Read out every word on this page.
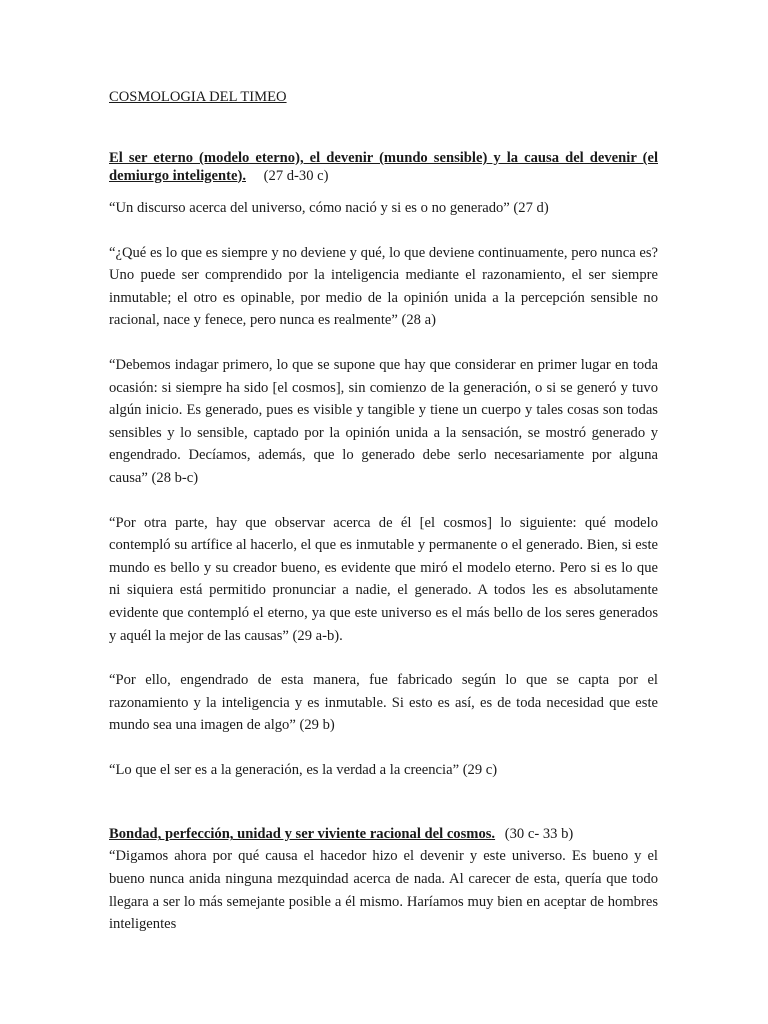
COSMOLOGIA DEL TIMEO
El ser eterno (modelo eterno), el devenir (mundo sensible) y la causa del devenir (el demiurgo inteligente). (27 d-30 c)

“Un discurso acerca del universo, cómo nació y si es o no generado” (27 d)

“¿Qué es lo que es siempre y no deviene y qué, lo que deviene continuamente, pero nunca es? Uno puede ser comprendido por la inteligencia mediante el razonamiento, el ser siempre inmutable; el otro es opinable, por medio de la opinión unida a la percepción sensible no racional, nace y fenece, pero nunca es realmente” (28 a)

“Debemos indagar primero, lo que se supone que hay que considerar en primer lugar en toda ocasión: si siempre ha sido [el cosmos], sin comienzo de la generación, o si se generó y tuvo algún inicio. Es generado, pues es visible y tangible y tiene un cuerpo y tales cosas son todas sensibles y lo sensible, captado por la opinión unida a la sensación, se mostró generado y engendrado. Decíamos, además, que lo generado debe serlo necesariamente por alguna causa” (28 b-c)

“Por otra parte, hay que observar acerca de él [el cosmos] lo siguiente: qué modelo contempló su artífice al hacerlo, el que es inmutable y permanente o el generado. Bien, si este mundo es bello y su creador bueno, es evidente que miró el modelo eterno. Pero si es lo que ni siquiera está permitido pronunciar a nadie, el generado. A todos les es absolutamente evidente que contempló el eterno, ya que este universo es el más bello de los seres generados y aquél la mejor de las causas” (29 a-b).

“Por ello, engendrado de esta manera, fue fabricado según lo que se capta por el razonamiento y la inteligencia y es inmutable. Si esto es así, es de toda necesidad que este mundo sea una imagen de algo” (29 b)

“Lo que el ser es a la generación, es la verdad a la creencia” (29 c)

Bondad, perfección, unidad y ser viviente racional del cosmos. (30 c- 33 b)

“Digamos ahora por qué causa el hacedor hizo el devenir y este universo. Es bueno y el bueno nunca anida ninguna mezquindad acerca de nada. Al carecer de esta, quería que todo llegara a ser lo más semejante posible a él mismo. Haríamos muy bien en aceptar de hombres inteligentes
